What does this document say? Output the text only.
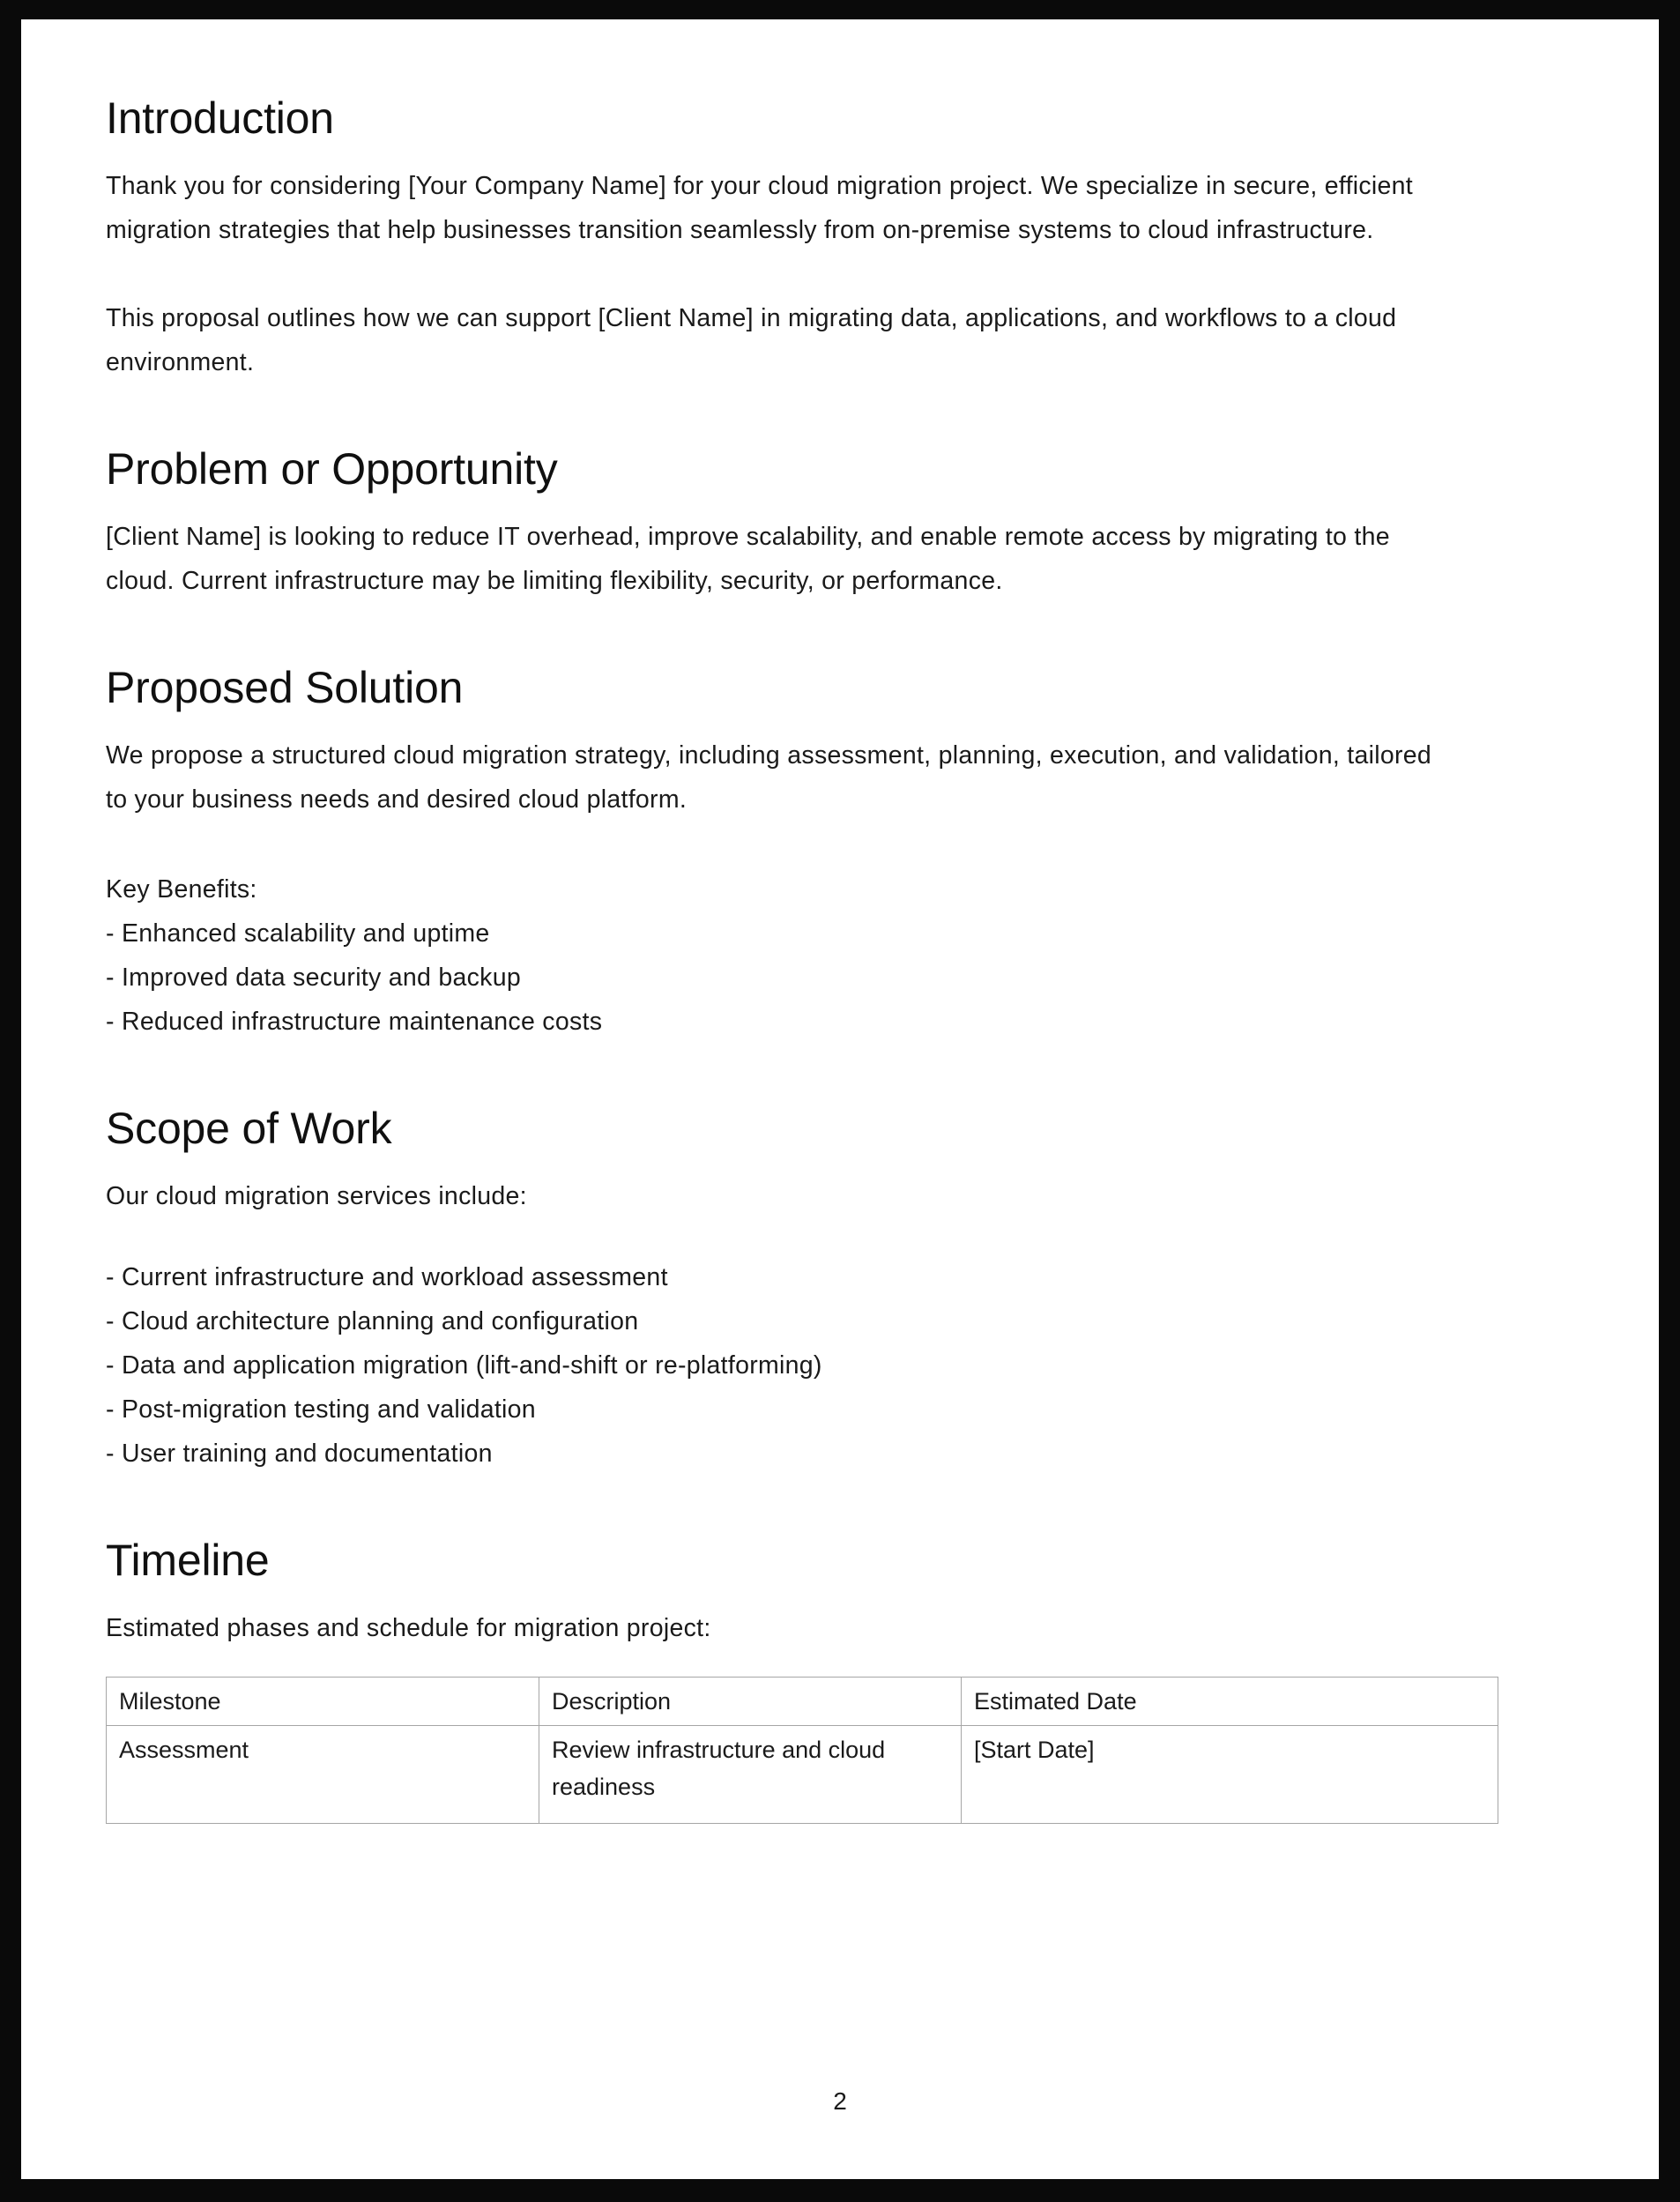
Introduction

Thank you for considering [Your Company Name] for your cloud migration project. We specialize in secure, efficient migration strategies that help businesses transition seamlessly from on-premise systems to cloud infrastructure.

This proposal outlines how we can support [Client Name] in migrating data, applications, and workflows to a cloud environment.

Problem or Opportunity

[Client Name] is looking to reduce IT overhead, improve scalability, and enable remote access by migrating to the cloud. Current infrastructure may be limiting flexibility, security, or performance.

Proposed Solution

We propose a structured cloud migration strategy, including assessment, planning, execution, and validation, tailored to your business needs and desired cloud platform.

Key Benefits:
- Enhanced scalability and uptime
- Improved data security and backup
- Reduced infrastructure maintenance costs
Scope of Work

Our cloud migration services include:

- Current infrastructure and workload assessment
- Cloud architecture planning and configuration
- Data and application migration (lift-and-shift or re-platforming)
- Post-migration testing and validation
- User training and documentation
Timeline

Estimated phases and schedule for migration project:

Milestone	Description	Estimated Date
Assessment	Review infrastructure and cloud readiness	[Start Date]
2
